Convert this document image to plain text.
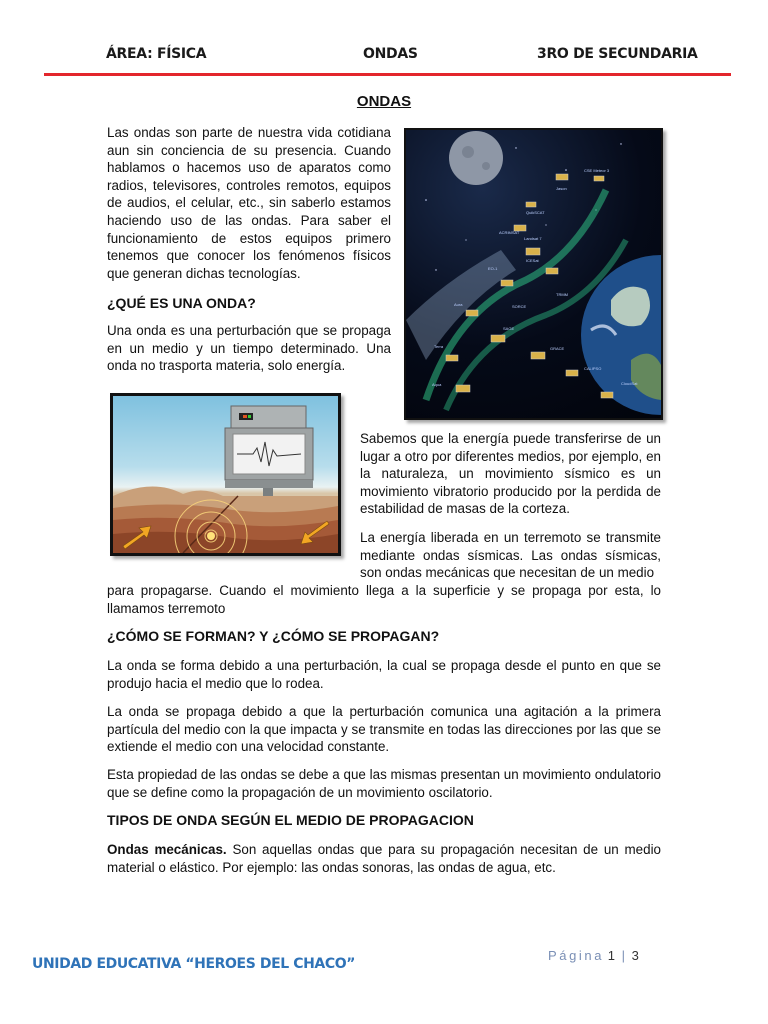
ÁREA: FÍSICA	ONDAS	3RO DE SECUNDARIA
ONDAS

Las ondas son parte de nuestra vida cotidiana aun sin conciencia de su presencia. Cuando hablamos o hacemos uso de aparatos como radios, televisores, controles remotos, equipos de audios, el celular, etc., sin saberlo estamos haciendo uso de las ondas. Para saber el funcionamiento de estos equipos primero tenemos que conocer los fenómenos físicos que generan dichas tecnologías.

CSE Meteor 3
QuikSCAT
ACRIMSAT
ICESat
TRMM
SORCE
Aura
SAGE
GRACE
Terra
CALIPSO
Aqua	CloudSat
Landsat 7
Jason
EO-1
¿QUÉ ES UNA ONDA?

Una onda es una perturbación que se propaga en un medio y un tiempo determinado. Una onda no trasporta materia, solo energía.

Sabemos que la energía puede transferirse de un lugar a otro por diferentes medios, por ejemplo, en la naturaleza, un movimiento sísmico es un movimiento vibratorio producido por la perdida de estabilidad de masas de la corteza.

La energía liberada en un terremoto se transmite mediante ondas sísmicas. Las ondas sísmicas, son ondas mecánicas que necesitan de un medio

para propagarse. Cuando el movimiento llega a la superficie y se propaga por esta, lo llamamos terremoto

¿CÓMO SE FORMAN? Y ¿CÓMO SE PROPAGAN?

La onda se forma debido a una perturbación, la cual se propaga desde el punto en que se produjo hacia el medio que lo rodea.

La onda se propaga debido a que la perturbación comunica una agitación a la primera partícula del medio con la que impacta y se transmite en todas las direcciones por las que se extiende el medio con una velocidad constante.

Esta propiedad de las ondas se debe a que las mismas presentan un movimiento ondulatorio que se define como la propagación de un movimiento oscilatorio.

TIPOS DE ONDA SEGÚN EL MEDIO DE PROPAGACION

Ondas mecánicas. Son aquellas ondas que para su propagación necesitan de un medio material o elástico. Por ejemplo: las ondas sonoras, las ondas de agua, etc.

UNIDAD EDUCATIVA “HEROES DEL CHACO”
Página 1 | 3
